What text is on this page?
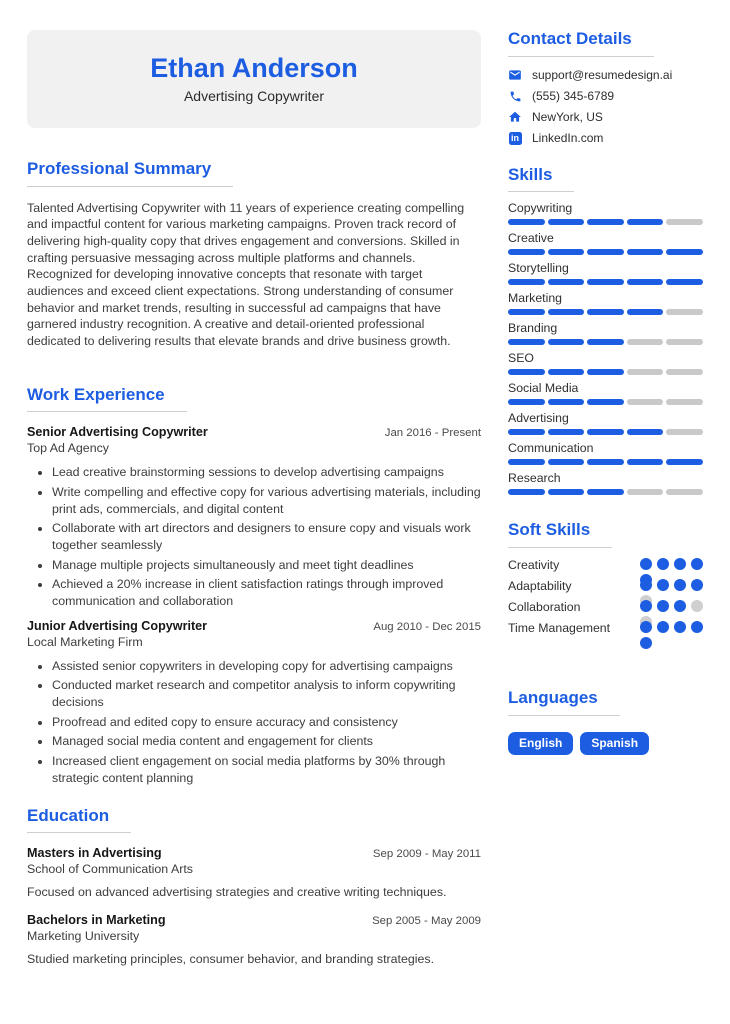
Ethan Anderson
Advertising Copywriter
Professional Summary

Talented Advertising Copywriter with 11 years of experience creating compelling and impactful content for various marketing campaigns. Proven track record of delivering high-quality copy that drives engagement and conversions. Skilled in crafting persuasive messaging across multiple platforms and channels. Recognized for developing innovative concepts that resonate with target audiences and exceed client expectations. Strong understanding of consumer behavior and market trends, resulting in successful ad campaigns that have garnered industry recognition. A creative and detail-oriented professional dedicated to delivering results that elevate brands and drive business growth.

Work Experience
Senior Advertising Copywriter	Jan 2016 - Present
Top Ad Agency
• Lead creative brainstorming sessions to develop advertising campaigns
• Write compelling and effective copy for various advertising materials, including print ads, commercials, and digital content
• Collaborate with art directors and designers to ensure copy and visuals work together seamlessly
• Manage multiple projects simultaneously and meet tight deadlines
• Achieved a 20% increase in client satisfaction ratings through improved communication and collaboration
Junior Advertising Copywriter	Aug 2010 - Dec 2015
Local Marketing Firm
• Assisted senior copywriters in developing copy for advertising campaigns
• Conducted market research and competitor analysis to inform copywriting decisions
• Proofread and edited copy to ensure accuracy and consistency
• Managed social media content and engagement for clients
• Increased client engagement on social media platforms by 30% through strategic content planning
Education
Masters in Advertising	Sep 2009 - May 2011
School of Communication Arts

Focused on advanced advertising strategies and creative writing techniques.

Bachelors in Marketing	Sep 2005 - May 2009
Marketing University

Studied marketing principles, consumer behavior, and branding strategies.

Contact Details
support@resumedesign.ai
(555) 345-6789
NewYork, US
in LinkedIn.com
Skills
Copywriting
Creative
Storytelling
Marketing
Branding
SEO
Social Media
Advertising
Communication
Research
Soft Skills
Creativity
Adaptability
Collaboration
Time Management
Languages
English	Spanish
